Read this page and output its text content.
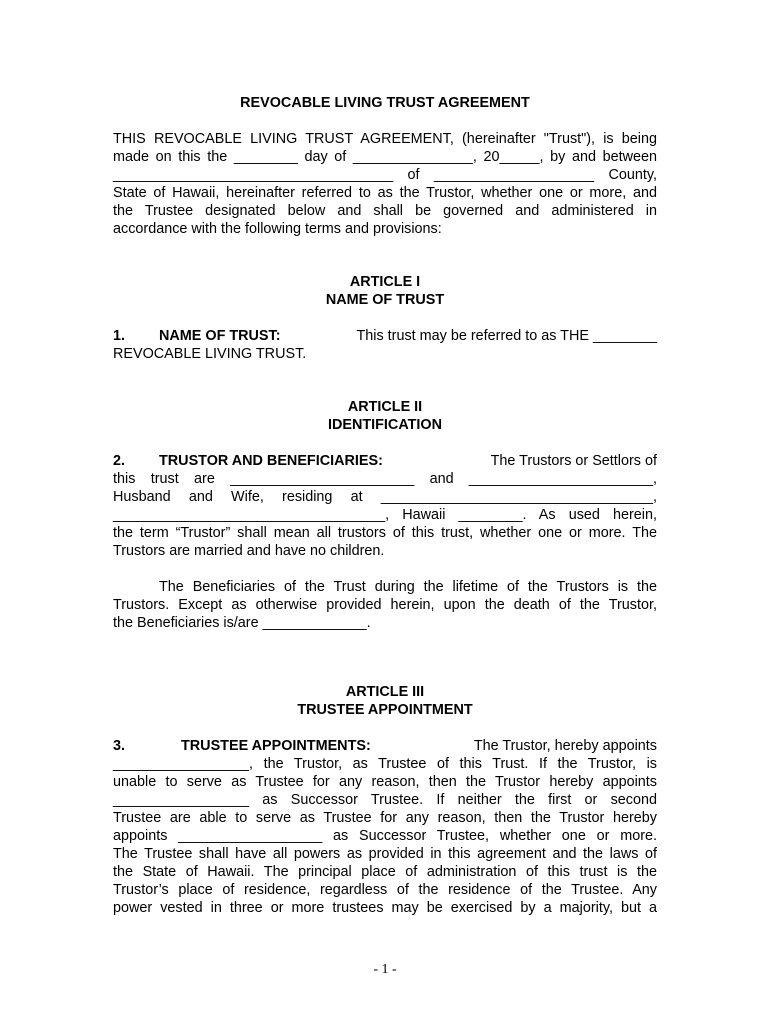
REVOCABLE LIVING TRUST AGREEMENT
THIS REVOCABLE LIVING TRUST AGREEMENT, (hereinafter "Trust"), is being
made on this the ________ day of _______________, 20_____, by and between
___________________________________ of ____________________ County,
State of Hawaii, hereinafter referred to as the Trustor, whether one or more, and
the Trustee designated below and shall be governed and administered in
accordance with the following terms and provisions:
ARTICLE I
NAME OF TRUST
1. NAME OF TRUST:	This trust may be referred to as THE ________
REVOCABLE LIVING TRUST.
ARTICLE II
IDENTIFICATION
2. TRUSTOR AND BENEFICIARIES:	The Trustors or Settlors of
this trust are _______________________ and _______________________,
Husband and Wife, residing at __________________________________,
__________________________________, Hawaii ________. As used herein,
the term “Trustor” shall mean all trustors of this trust, whether one or more. The
Trustors are married and have no children.
The Beneficiaries of the Trust during the lifetime of the Trustors is the
Trustors. Except as otherwise provided herein, upon the death of the Trustor,
the Beneficiaries is/are _____________.
ARTICLE III
TRUSTEE APPOINTMENT
3.	TRUSTEE APPOINTMENTS:	The Trustor, hereby appoints
_________________, the Trustor, as Trustee of this Trust. If the Trustor, is
unable to serve as Trustee for any reason, then the Trustor hereby appoints
_________________ as Successor Trustee. If neither the first or second
Trustee are able to serve as Trustee for any reason, then the Trustor hereby
appoints __________________ as Successor Trustee, whether one or more.
The Trustee shall have all powers as provided in this agreement and the laws of
the State of Hawaii. The principal place of administration of this trust is the
Trustor’s place of residence, regardless of the residence of the Trustee. Any
power vested in three or more trustees may be exercised by a majority, but a
- 1 -
